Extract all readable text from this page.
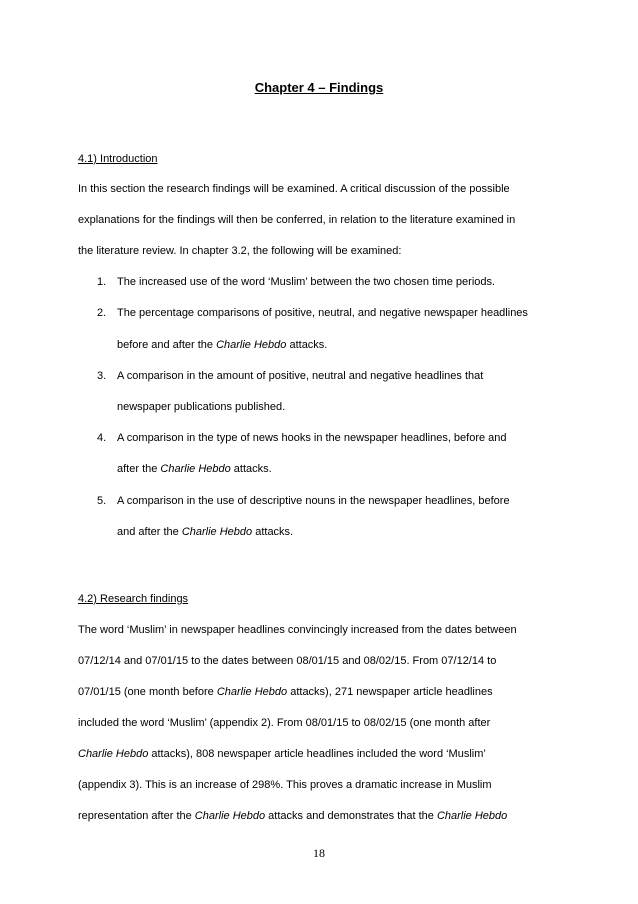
Chapter 4 – Findings
4.1) Introduction
In this section the research findings will be examined. A critical discussion of the possible
explanations for the findings will then be conferred, in relation to the literature examined in
the literature review. In chapter 3.2, the following will be examined:
1. The increased use of the word ‘Muslim’ between the two chosen time periods.
2. The percentage comparisons of positive, neutral, and negative newspaper headlines
before and after the Charlie Hebdo attacks.
3. A comparison in the amount of positive, neutral and negative headlines that
newspaper publications published.
4. A comparison in the type of news hooks in the newspaper headlines, before and
after the Charlie Hebdo attacks.
5. A comparison in the use of descriptive nouns in the newspaper headlines, before
and after the Charlie Hebdo attacks.
4.2) Research findings
The word ‘Muslim’ in newspaper headlines convincingly increased from the dates between
07/12/14 and 07/01/15 to the dates between 08/01/15 and 08/02/15. From 07/12/14 to
07/01/15 (one month before Charlie Hebdo attacks), 271 newspaper article headlines
included the word ‘Muslim’ (appendix 2). From 08/01/15 to 08/02/15 (one month after
Charlie Hebdo attacks), 808 newspaper article headlines included the word ‘Muslim’
(appendix 3). This is an increase of 298%. This proves a dramatic increase in Muslim
representation after the Charlie Hebdo attacks and demonstrates that the Charlie Hebdo
18
